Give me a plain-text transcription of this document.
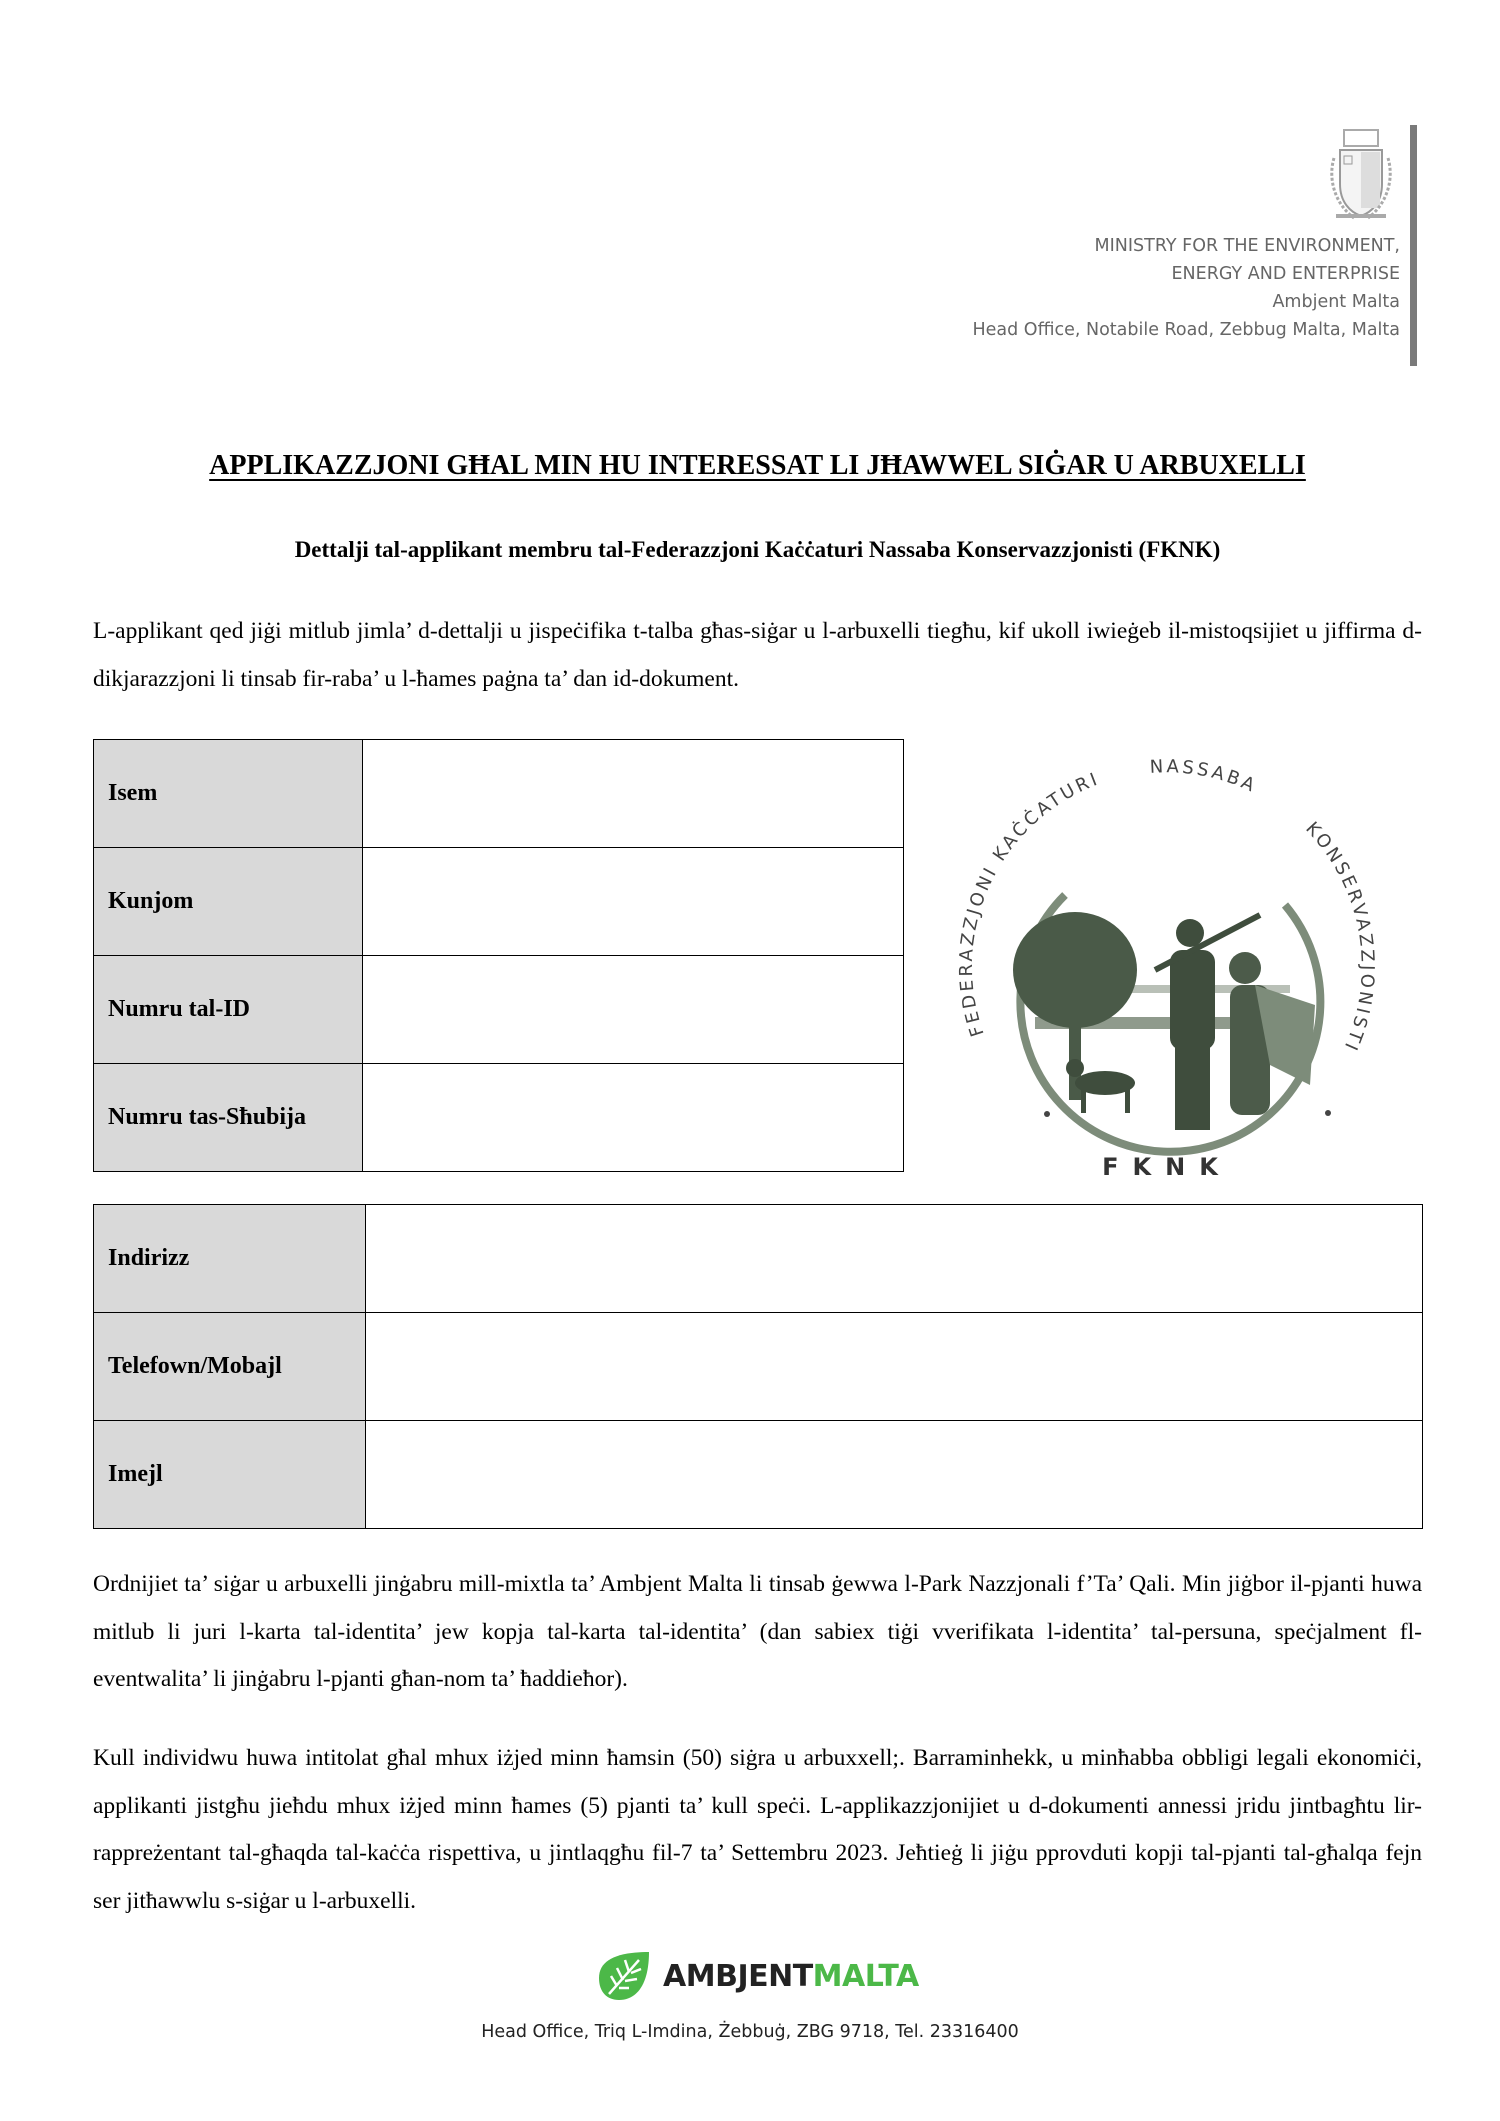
MINISTRY FOR THE ENVIRONMENT,
ENERGY AND ENTERPRISE
Ambjent Malta
Head Office, Notabile Road, Zebbug Malta, Malta
APPLIKAZZJONI GĦAL MIN HU INTERESSAT LI JĦAWWEL SIĠAR U ARBUXELLI
Dettalji tal-applikant membru tal-Federazzjoni Kaċċaturi Nassaba Konservazzjonisti (FKNK)
L-applikant qed jiġi mitlub jimla’ d-dettalji u jispeċifika t-talba għas-siġar u l-arbuxelli tiegħu, kif ukoll iwieġeb il-mistoqsijiet u jiffirma d-dikjarazzjoni li tinsab fir-raba’ u l-ħames paġna ta’ dan id-dokument.
Isem	
Kunjom	
Numru tal-ID	
Numru tas-Sħubija	
FEDERAZZJONI KAĊĊATURI
NASSABA
KONSERVAZZJONISTI
FKNK
Indirizz	
Telefown/Mobajl	
Imejl	
Ordnijiet ta’ siġar u arbuxelli jinġabru mill-mixtla ta’ Ambjent Malta li tinsab ġewwa l-Park Nazzjonali f’Ta’ Qali. Min jiġbor il-pjanti huwa mitlub li juri l-karta tal-identita’ jew kopja tal-karta tal-identita’ (dan sabiex tiġi vverifikata l-identita’ tal-persuna, speċjalment fl-eventwalita’ li jinġabru l-pjanti għan-nom ta’ ħaddieħor).
Kull individwu huwa intitolat għal mhux iżjed minn ħamsin (50) siġra u arbuxxell;. Barraminhekk, u minħabba obbligi legali ekonomiċi, applikanti jistgħu jieħdu mhux iżjed minn ħames (5) pjanti ta’ kull speċi. L-applikazzjonijiet u d-dokumenti annessi jridu jintbagħtu lir-rappreżentant tal-għaqda tal-kaċċa rispettiva, u jintlaqgħu fil-7 ta’ Settembru 2023. Jeħtieġ li jiġu pprovduti kopji tal-pjanti tal-għalqa fejn ser jitħawwlu s-siġar u l-arbuxelli.
AMBJENTMALTA
Head Office, Triq L-Imdina, Żebbuġ, ZBG 9718, Tel. 23316400
